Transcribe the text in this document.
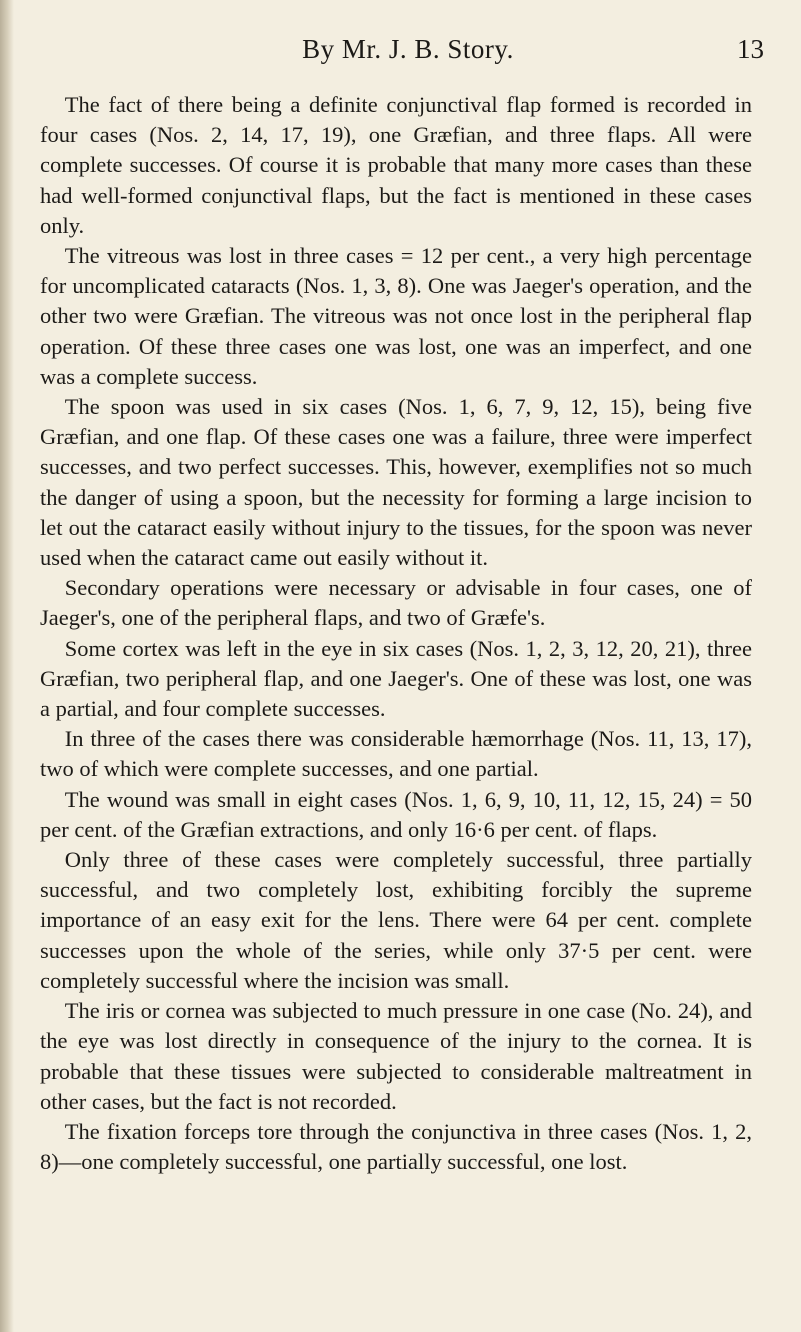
By Mr. J. B. Story.	13

The fact of there being a definite conjunctival flap formed is recorded in four cases (Nos. 2, 14, 17, 19), one Græfian, and three flaps. All were complete successes. Of course it is probable that many more cases than these had well-formed conjunctival flaps, but the fact is mentioned in these cases only.

The vitreous was lost in three cases = 12 per cent., a very high percentage for uncomplicated cataracts (Nos. 1, 3, 8). One was Jaeger's operation, and the other two were Græfian. The vitreous was not once lost in the peripheral flap operation. Of these three cases one was lost, one was an imperfect, and one was a complete success.

The spoon was used in six cases (Nos. 1, 6, 7, 9, 12, 15), being five Græfian, and one flap. Of these cases one was a failure, three were imperfect successes, and two perfect successes. This, however, exemplifies not so much the danger of using a spoon, but the necessity for forming a large incision to let out the cataract easily without injury to the tissues, for the spoon was never used when the cataract came out easily without it.

Secondary operations were necessary or advisable in four cases, one of Jaeger's, one of the peripheral flaps, and two of Græfe's.

Some cortex was left in the eye in six cases (Nos. 1, 2, 3, 12, 20, 21), three Græfian, two peripheral flap, and one Jaeger's. One of these was lost, one was a partial, and four complete successes.

In three of the cases there was considerable hæmorrhage (Nos. 11, 13, 17), two of which were complete successes, and one partial.

The wound was small in eight cases (Nos. 1, 6, 9, 10, 11, 12, 15, 24) = 50 per cent. of the Græfian extractions, and only 16·6 per cent. of flaps.

Only three of these cases were completely successful, three partially successful, and two completely lost, exhibiting forcibly the supreme importance of an easy exit for the lens. There were 64 per cent. complete successes upon the whole of the series, while only 37·5 per cent. were completely successful where the incision was small.

The iris or cornea was subjected to much pressure in one case (No. 24), and the eye was lost directly in consequence of the injury to the cornea. It is probable that these tissues were subjected to considerable maltreatment in other cases, but the fact is not recorded.

The fixation forceps tore through the conjunctiva in three cases (Nos. 1, 2, 8)—one completely successful, one partially successful, one lost.
